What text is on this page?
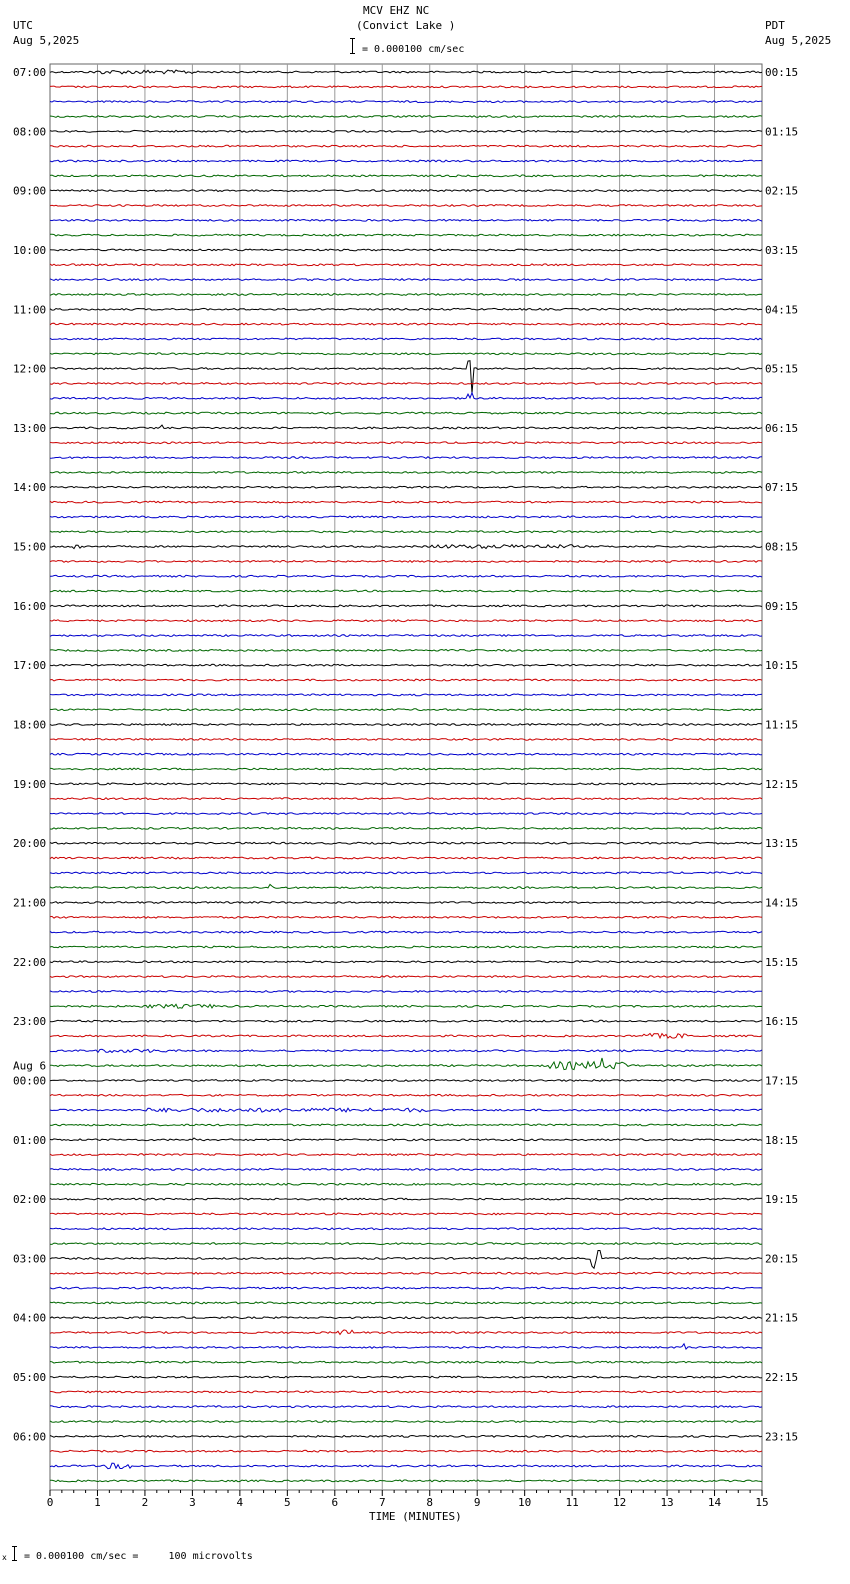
07:00
08:00
09:00
10:00
11:00
12:00
13:00
14:00
15:00
16:00
17:00
18:00
19:00
20:00
21:00
22:00
23:00
Aug 6
00:00
01:00
02:00
03:00
04:00
05:00
06:00
00:15
01:15
02:15
03:15
04:15
05:15
06:15
07:15
08:15
09:15
10:15
11:15
12:15
13:15
14:15
15:15
16:15
17:15
18:15
19:15
20:15
21:15
22:15
23:15
0	1	2	3	4	5	6	7	8	9	10	11	12	13	14	15
MCV EHZ NC
(Convict Lake )
= 0.000100 cm/sec
UTC
Aug 5,2025
PDT
Aug 5,2025
TIME (MINUTES)
x = 0.000100 cm/sec =     100 microvolts
